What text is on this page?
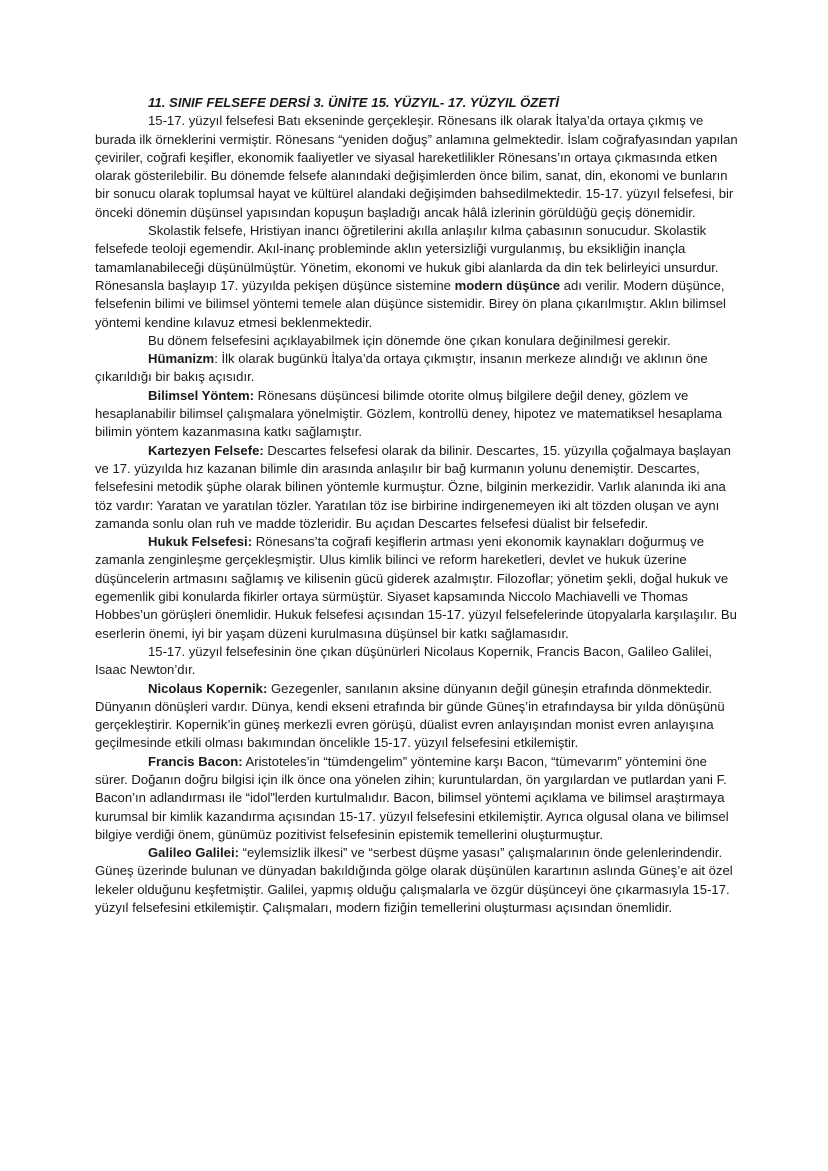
11. SINIF FELSEFE DERSİ 3. ÜNİTE 15. YÜZYIL- 17. YÜZYIL ÖZETİ

15-17. yüzyıl felsefesi Batı ekseninde gerçekleşir. Rönesans ilk olarak İtalya’da ortaya çıkmış ve burada ilk örneklerini vermiştir. Rönesans “yeniden doğuş” anlamına gelmektedir. İslam coğrafyasından yapılan çeviriler, coğrafi keşifler, ekonomik faaliyetler ve siyasal hareketlilikler Rönesans’ın ortaya çıkmasında etken olarak gösterilebilir. Bu dönemde felsefe alanındaki değişimlerden önce bilim, sanat, din, ekonomi ve bunların bir sonucu olarak toplumsal hayat ve kültürel alandaki değişimden bahsedilmektedir. 15-17. yüzyıl felsefesi, bir önceki dönemin düşünsel yapısından kopuşun başladığı ancak hâlâ izlerinin görüldüğü geçiş dönemidir.

Skolastik felsefe, Hristiyan inancı öğretilerini akılla anlaşılır kılma çabasının sonucudur. Skolastik felsefede teoloji egemendir. Akıl-inanç probleminde aklın yetersizliği vurgulanmış, bu eksikliğin inançla tamamlanabileceği düşünülmüştür. Yönetim, ekonomi ve hukuk gibi alanlarda da din tek belirleyici unsurdur. Rönesansla başlayıp 17. yüzyılda pekişen düşünce sistemine modern düşünce adı verilir. Modern düşünce, felsefenin bilimi ve bilimsel yöntemi temele alan düşünce sistemidir. Birey ön plana çıkarılmıştır. Aklın bilimsel yöntemi kendine kılavuz etmesi beklenmektedir.

Bu dönem felsefesini açıklayabilmek için dönemde öne çıkan konulara değinilmesi gerekir.

Hümanizm: İlk olarak bugünkü İtalya’da ortaya çıkmıştır, insanın merkeze alındığı ve aklının öne çıkarıldığı bir bakış açısıdır.

Bilimsel Yöntem: Rönesans düşüncesi bilimde otorite olmuş bilgilere değil deney, gözlem ve hesaplanabilir bilimsel çalışmalara yönelmiştir. Gözlem, kontrollü deney, hipotez ve matematiksel hesaplama bilimin yöntem kazanmasına katkı sağlamıştır.

Kartezyen Felsefe: Descartes felsefesi olarak da bilinir. Descartes, 15. yüzyılla çoğalmaya başlayan ve 17. yüzyılda hız kazanan bilimle din arasında anlaşılır bir bağ kurmanın yolunu denemiştir. Descartes, felsefesini metodik şüphe olarak bilinen yöntemle kurmuştur. Özne, bilginin merkezidir. Varlık alanında iki ana töz vardır: Yaratan ve yaratılan tözler. Yaratılan töz ise birbirine indirgenemeyen iki alt tözden oluşan ve aynı zamanda sonlu olan ruh ve madde tözleridir. Bu açıdan Descartes felsefesi düalist bir felsefedir.

Hukuk Felsefesi: Rönesans’ta coğrafi keşiflerin artması yeni ekonomik kaynakları doğurmuş ve zamanla zenginleşme gerçekleşmiştir. Ulus kimlik bilinci ve reform hareketleri, devlet ve hukuk üzerine düşüncelerin artmasını sağlamış ve kilisenin gücü giderek azalmıştır. Filozoflar; yönetim şekli, doğal hukuk ve egemenlik gibi konularda fikirler ortaya sürmüştür. Siyaset kapsamında Niccolo Machiavelli ve Thomas Hobbes’un görüşleri önemlidir. Hukuk felsefesi açısından 15-17. yüzyıl felsefelerinde ütopyalarla karşılaşılır. Bu eserlerin önemi, iyi bir yaşam düzeni kurulmasına düşünsel bir katkı sağlamasıdır.

15-17. yüzyıl felsefesinin öne çıkan düşünürleri Nicolaus Kopernik, Francis Bacon, Galileo Galilei, Isaac Newton’dır.

Nicolaus Kopernik: Gezegenler, sanılanın aksine dünyanın değil güneşin etrafında dönmektedir. Dünyanın dönüşleri vardır. Dünya, kendi ekseni etrafında bir günde Güneş’in etrafındaysa bir yılda dönüşünü gerçekleştirir. Kopernik’in güneş merkezli evren görüşü, düalist evren anlayışından monist evren anlayışına geçilmesinde etkili olması bakımından öncelikle 15-17. yüzyıl felsefesini etkilemiştir.

Francis Bacon: Aristoteles’in “tümdengelim” yöntemine karşı Bacon, “tümevarım” yöntemini öne sürer. Doğanın doğru bilgisi için ilk önce ona yönelen zihin; kuruntulardan, ön yargılardan ve putlardan yani F. Bacon’ın adlandırması ile “idol”lerden kurtulmalıdır. Bacon, bilimsel yöntemi açıklama ve bilimsel araştırmaya kurumsal bir kimlik kazandırma açısından 15-17. yüzyıl felsefesini etkilemiştir. Ayrıca olgusal olana ve bilimsel bilgiye verdiği önem, günümüz pozitivist felsefesinin epistemik temellerini oluşturmuştur.

Galileo Galilei: “eylemsizlik ilkesi” ve “serbest düşme yasası” çalışmalarının önde gelenlerindendir. Güneş üzerinde bulunan ve dünyadan bakıldığında gölge olarak düşünülen karartının aslında Güneş’e ait özel lekeler olduğunu keşfetmiştir. Galilei, yapmış olduğu çalışmalarla ve özgür düşünceyi öne çıkarmasıyla 15-17. yüzyıl felsefesini etkilemiştir. Çalışmaları, modern fiziğin temellerini oluşturması açısından önemlidir.
